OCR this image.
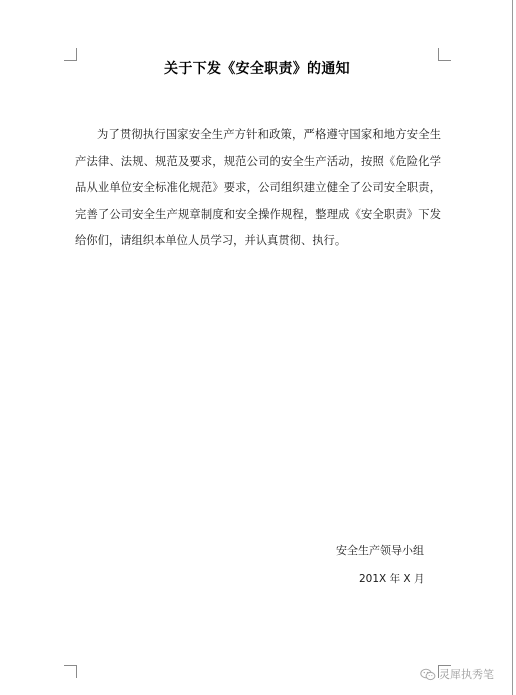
关于下发《安全职责》的通知
为了贯彻执行国家安全生产方针和政策，严格遵守国家和地方安全生产法律、法规、规范及要求，规范公司的安全生产活动，按照《危险化学品从业单位安全标准化规范》要求，公司组织建立健全了公司安全职责，完善了公司安全生产规章制度和安全操作规程，整理成《安全职责》下发给你们，请组织本单位人员学习，并认真贯彻、执行。
安全生产领导小组
201X 年 X 月
灵犀执秀笔
